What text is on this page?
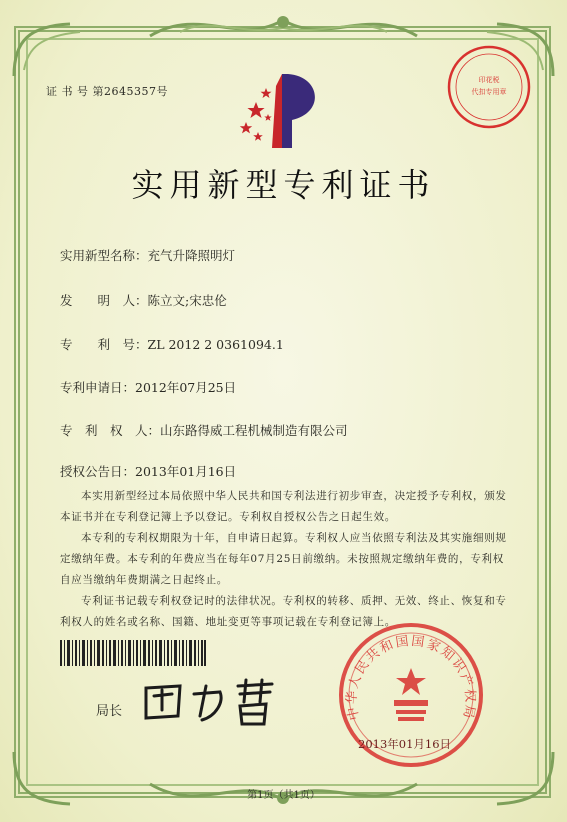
证 书 号 第2645357号
印花税
代扣专用章
实用新型专利证书
实用新型名称：充气升降照明灯
发　　明　人：陈立文;宋忠伦
专　　利　号：ZL 2012 2 0361094.1
专利申请日：2012年07月25日
专　利　权　人：山东路得威工程机械制造有限公司
授权公告日：2013年01月16日

本实用新型经过本局依照中华人民共和国专利法进行初步审查，决定授予专利权，颁发本证书并在专利登记簿上予以登记。专利权自授权公告之日起生效。

本专利的专利权期限为十年，自申请日起算。专利权人应当依照专利法及其实施细则规定缴纳年费。本专利的年费应当在每年07月25日前缴纳。未按照规定缴纳年费的，专利权自应当缴纳年费期满之日起终止。

专利证书记载专利权登记时的法律状况。专利权的转移、质押、无效、终止、恢复和专利权人的姓名或名称、国籍、地址变更等事项记载在专利登记簿上。

局长	中华人民共和国国家知识产权局
2013年01月16日
第1页（共1页）
